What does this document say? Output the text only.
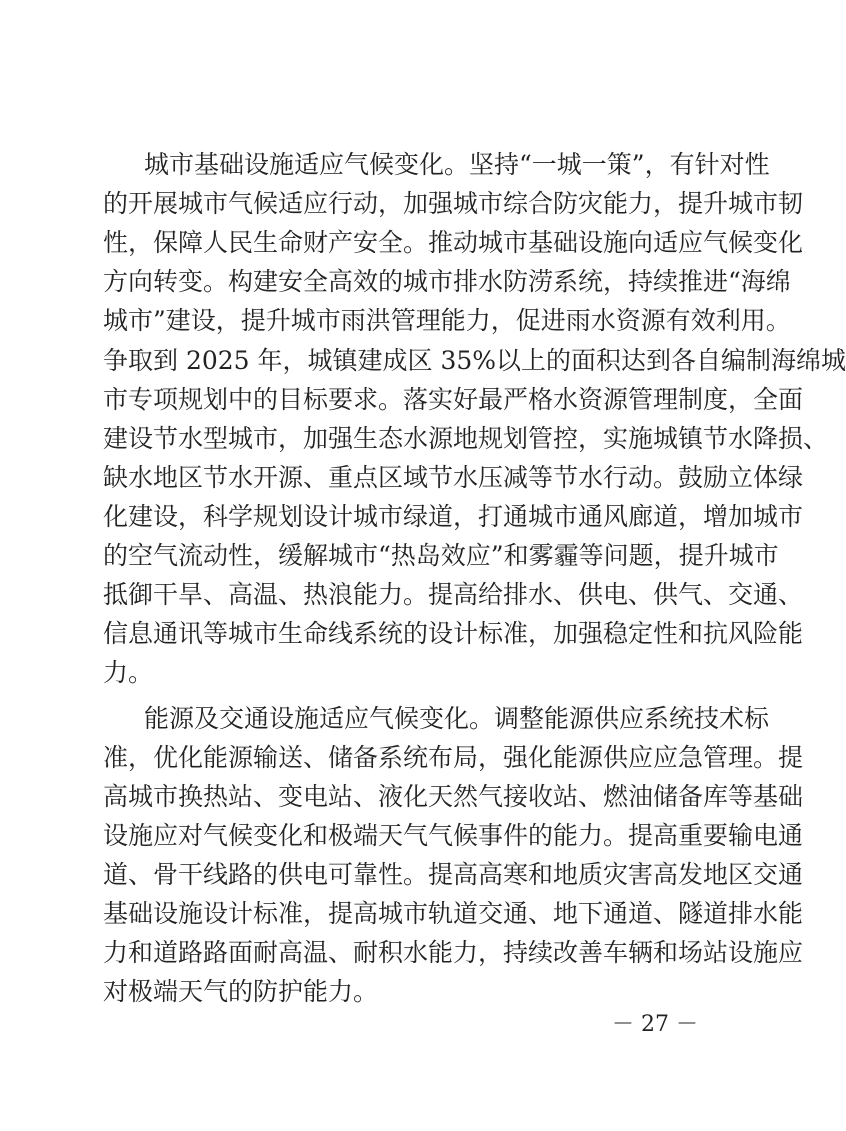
城市基础设施适应气候变化。坚持“一城一策”，有针对性
的开展城市气候适应行动，加强城市综合防灾能力，提升城市韧
性，保障人民生命财产安全。推动城市基础设施向适应气候变化
方向转变。构建安全高效的城市排水防涝系统，持续推进“海绵
城市”建设，提升城市雨洪管理能力，促进雨水资源有效利用。
争取到 2025 年，城镇建成区 35%以上的面积达到各自编制海绵城
市专项规划中的目标要求。落实好最严格水资源管理制度，全面
建设节水型城市，加强生态水源地规划管控，实施城镇节水降损、
缺水地区节水开源、重点区域节水压减等节水行动。鼓励立体绿
化建设，科学规划设计城市绿道，打通城市通风廊道，增加城市
的空气流动性，缓解城市“热岛效应”和雾霾等问题，提升城市
抵御干旱、高温、热浪能力。提高给排水、供电、供气、交通、
信息通讯等城市生命线系统的设计标准，加强稳定性和抗风险能
力。
能源及交通设施适应气候变化。调整能源供应系统技术标
准，优化能源输送、储备系统布局，强化能源供应应急管理。提
高城市换热站、变电站、液化天然气接收站、燃油储备库等基础
设施应对气候变化和极端天气气候事件的能力。提高重要输电通
道、骨干线路的供电可靠性。提高高寒和地质灾害高发地区交通
基础设施设计标准，提高城市轨道交通、地下通道、隧道排水能
力和道路路面耐高温、耐积水能力，持续改善车辆和场站设施应
对极端天气的防护能力。
－ 27 －
